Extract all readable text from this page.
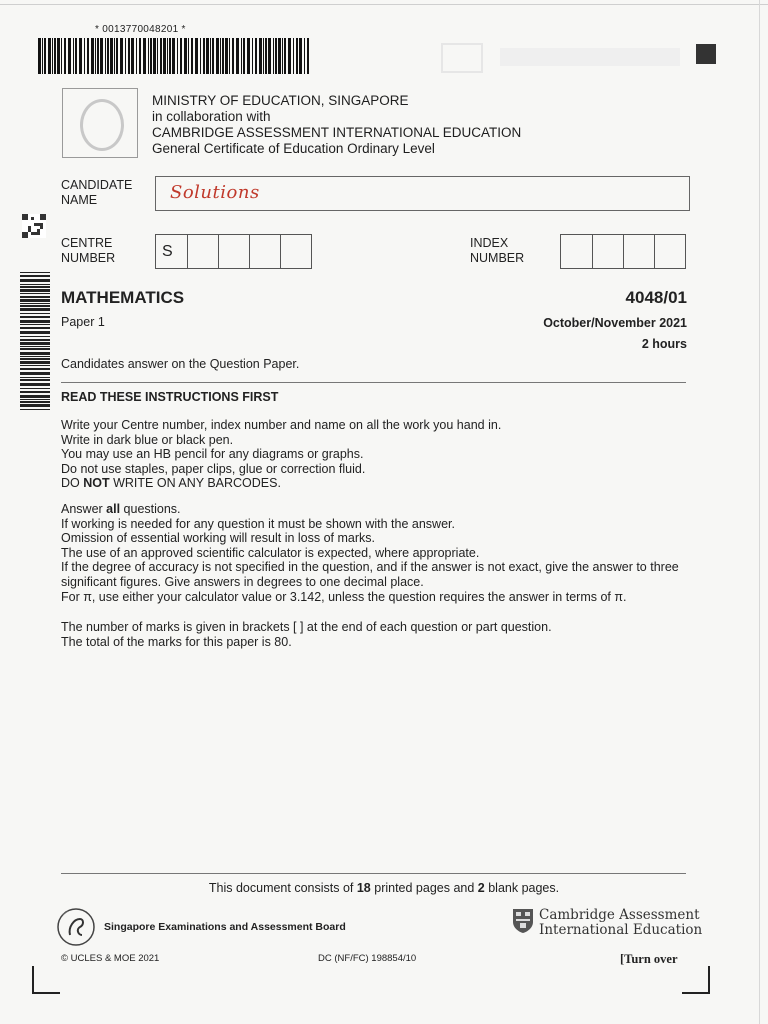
* 0013770048201 *
MINISTRY OF EDUCATION, SINGAPORE
in collaboration with
CAMBRIDGE ASSESSMENT INTERNATIONAL EDUCATION
General Certificate of Education Ordinary Level
CANDIDATE
NAME	Solutions
CENTRE
NUMBER	S	INDEX
NUMBER
MATHEMATICS	4048/01
Paper 1	October/November 2021
2 hours
Candidates answer on the Question Paper.
READ THESE INSTRUCTIONS FIRST

Write your Centre number, index number and name on all the work you hand in.

Write in dark blue or black pen.

You may use an HB pencil for any diagrams or graphs.

Do not use staples, paper clips, glue or correction fluid.

DO NOT WRITE ON ANY BARCODES.

Answer all questions.

If working is needed for any question it must be shown with the answer.

Omission of essential working will result in loss of marks.

The use of an approved scientific calculator is expected, where appropriate.

If the degree of accuracy is not specified in the question, and if the answer is not exact, give the answer to three significant figures. Give answers in degrees to one decimal place.

For π, use either your calculator value or 3.142, unless the question requires the answer in terms of π.

The number of marks is given in brackets [ ] at the end of each question or part question.

The total of the marks for this paper is 80.

This document consists of 18 printed pages and 2 blank pages.
Singapore Examinations and Assessment Board
Cambridge Assessment
International Education
© UCLES & MOE 2021	DC (NF/FC) 198854/10	[Turn over
